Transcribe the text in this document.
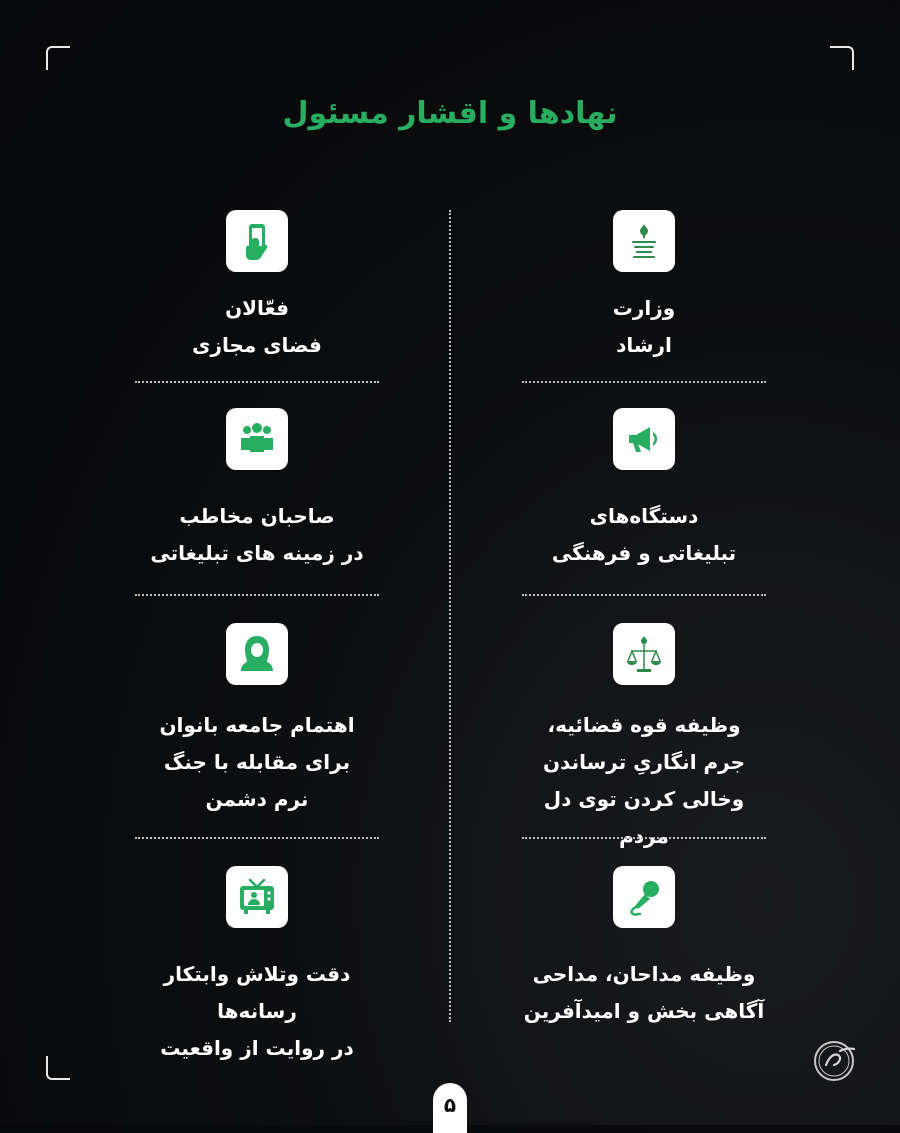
نهادها و اقشار مسئول
وزارت
ارشاد
دستگاه‌های
تبلیغاتی و فرهنگی
وظیفه قوه قضائیه،
جرم انگاریِ ترساندن
وخالی کردن توی دل مردم
وظیفه مداحان، مداحی
آگاهی بخش و امیدآفرین
فعّالان
فضای مجازی
صاحبان مخاطب
در زمینه های تبلیغاتی
اهتمام جامعه بانوان
برای مقابله با جنگ
نرم دشمن
دقت وتلاش وابتکار رسانه‌ها
در روایت از واقعیت
۵
